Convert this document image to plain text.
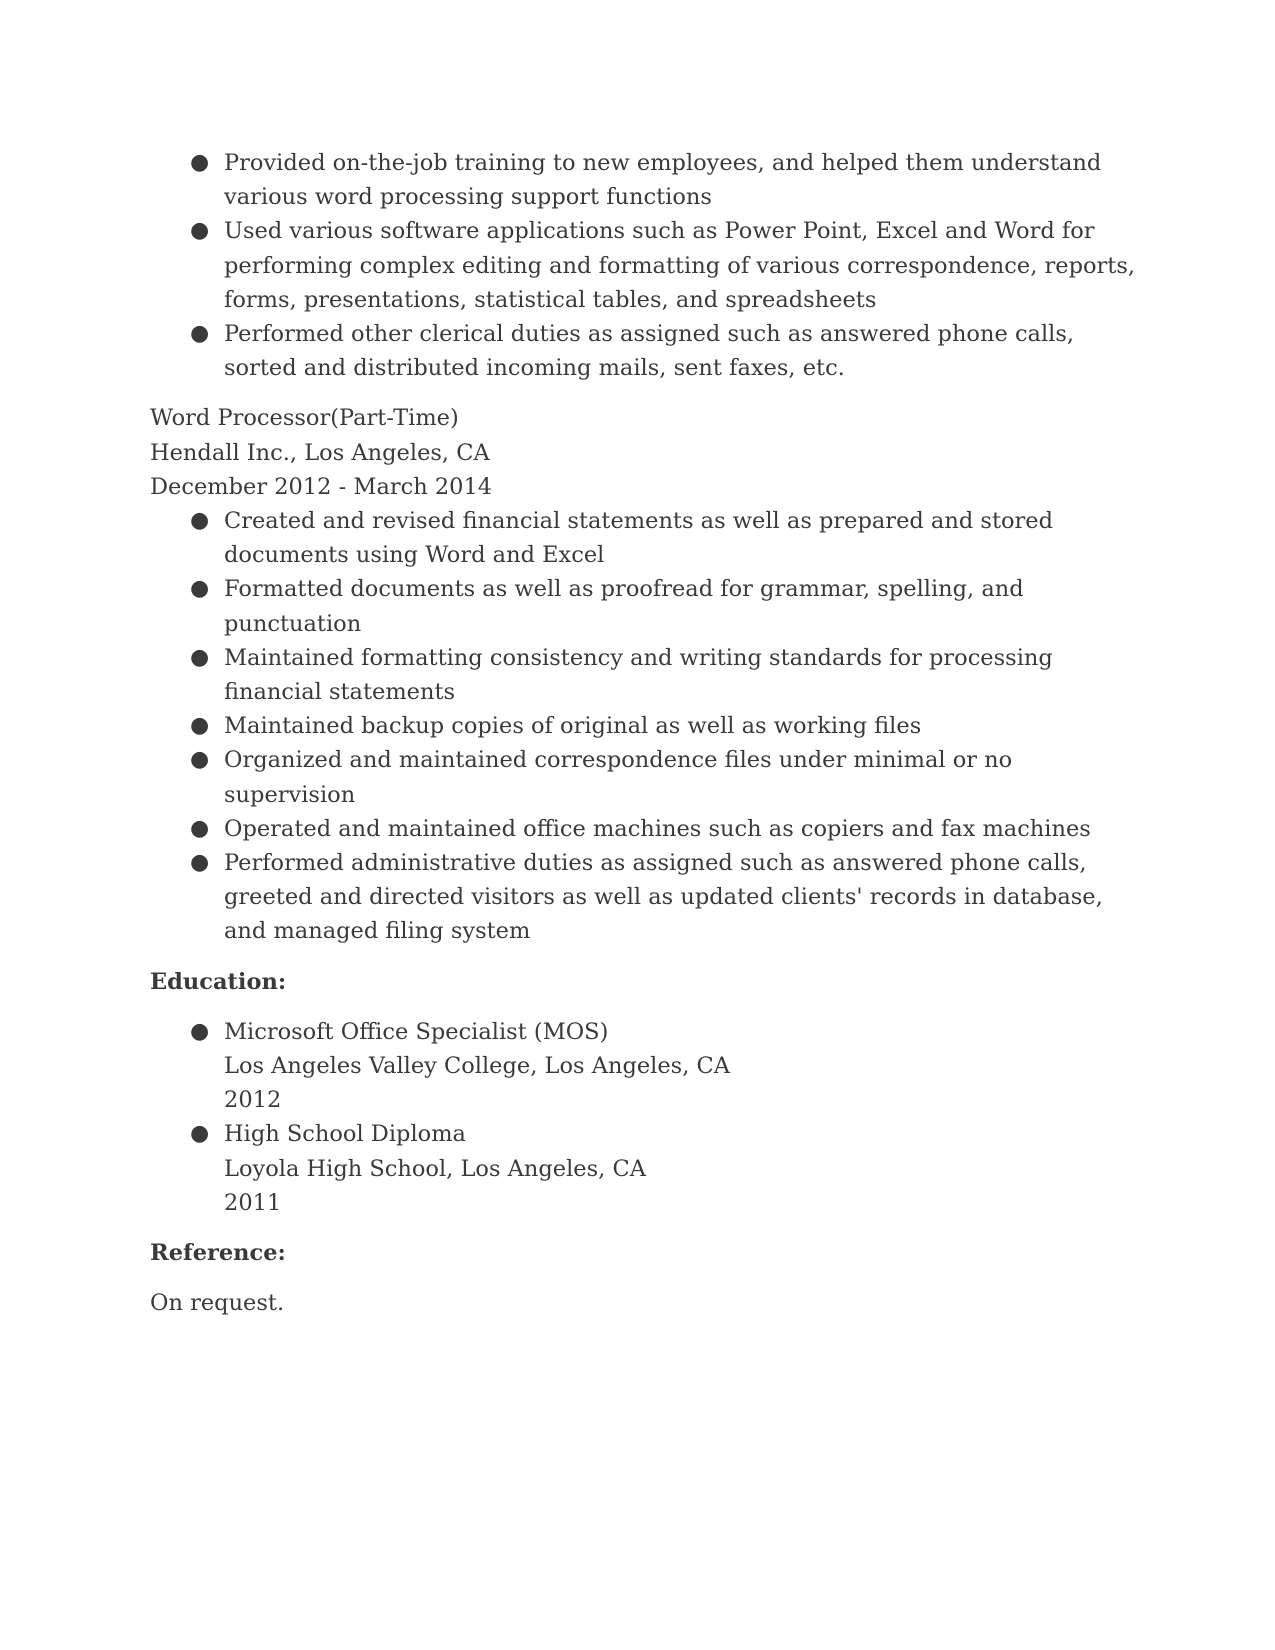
● Provided on-the-job training to new employees, and helped them understand various word processing support functions
● Used various software applications such as Power Point, Excel and Word for performing complex editing and formatting of various correspondence, reports, forms, presentations, statistical tables, and spreadsheets
● Performed other clerical duties as assigned such as answered phone calls, sorted and distributed incoming mails, sent faxes, etc.
Word Processor(Part-Time)
Hendall Inc., Los Angeles, CA
December 2012 - March 2014
● Created and revised financial statements as well as prepared and stored documents using Word and Excel
● Formatted documents as well as proofread for grammar, spelling, and punctuation
● Maintained formatting consistency and writing standards for processing financial statements
● Maintained backup copies of original as well as working files
● Organized and maintained correspondence files under minimal or no supervision
● Operated and maintained office machines such as copiers and fax machines
● Performed administrative duties as assigned such as answered phone calls, greeted and directed visitors as well as updated clients' records in database, and managed filing system
Education:
● Microsoft Office Specialist (MOS)
Los Angeles Valley College, Los Angeles, CA
2012
● High School Diploma
Loyola High School, Los Angeles, CA
2011
Reference:
On request.
